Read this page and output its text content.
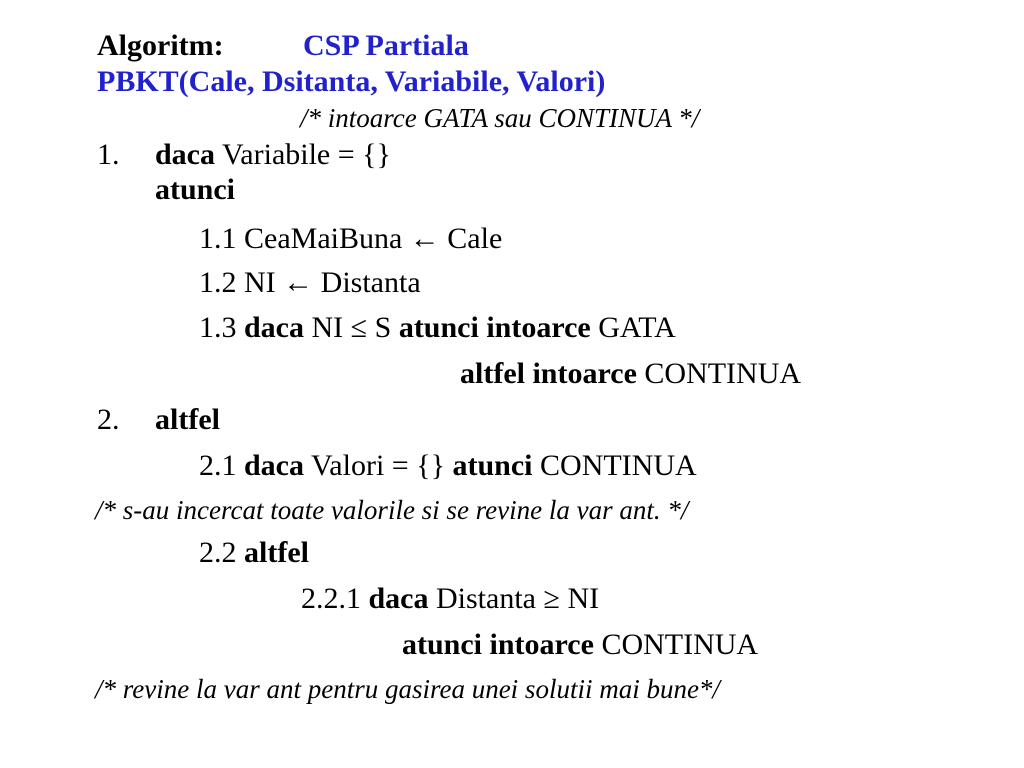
Algoritm:	CSP Partiala
PBKT(Cale, Dsitanta, Variabile, Valori)
/* intoarce GATA sau CONTINUA */
1. daca Variabile = {}
atunci
1.1 CeaMaiBuna ← Cale
1.2 NI ← Distanta
1.3 daca NI ≤ S atunci intoarce GATA
altfel intoarce CONTINUA
2. altfel
2.1 daca Valori = {} atunci CONTINUA
/* s-au incercat toate valorile si se revine la var ant. */
2.2 altfel
2.2.1 daca Distanta ≥ NI
atunci intoarce CONTINUA
/* revine la var ant pentru gasirea unei solutii mai bune*/
